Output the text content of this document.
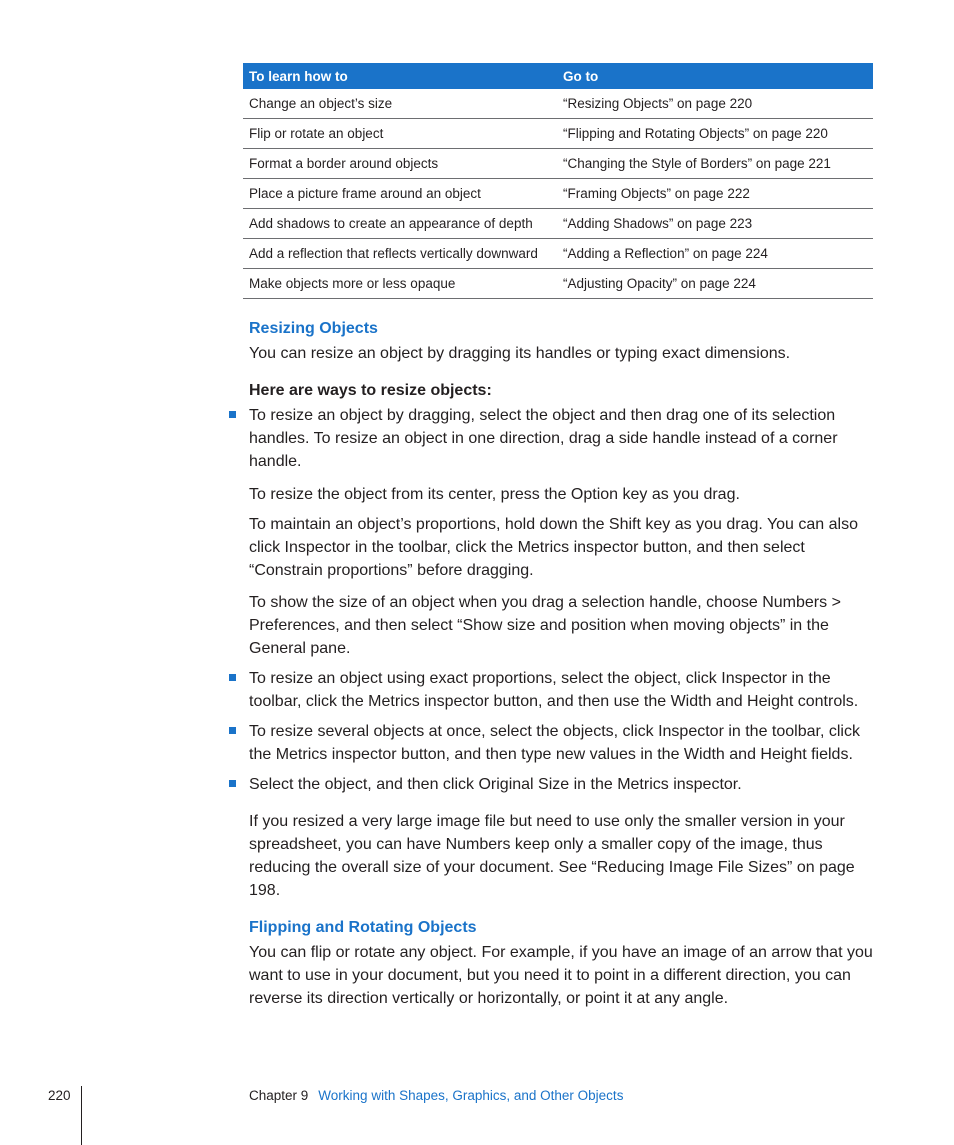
To learn how to	Go to
Change an object’s size	“Resizing Objects” on page 220
Flip or rotate an object	“Flipping and Rotating Objects” on page 220
Format a border around objects	“Changing the Style of Borders” on page 221
Place a picture frame around an object	“Framing Objects” on page 222
Add shadows to create an appearance of depth	“Adding Shadows” on page 223
Add a reflection that reflects vertically downward	“Adding a Reflection” on page 224
Make objects more or less opaque	“Adjusting Opacity” on page 224
Resizing Objects

You can resize an object by dragging its handles or typing exact dimensions.

Here are ways to resize objects:

To resize an object by dragging, select the object and then drag one of its selection handles. To resize an object in one direction, drag a side handle instead of a corner handle.

To resize the object from its center, press the Option key as you drag.

To maintain an object’s proportions, hold down the Shift key as you drag. You can also click Inspector in the toolbar, click the Metrics inspector button, and then select “Constrain proportions” before dragging.

To show the size of an object when you drag a selection handle, choose Numbers > Preferences, and then select “Show size and position when moving objects” in the General pane.

To resize an object using exact proportions, select the object, click Inspector in the toolbar, click the Metrics inspector button, and then use the Width and Height controls.

To resize several objects at once, select the objects, click Inspector in the toolbar, click the Metrics inspector button, and then type new values in the Width and Height fields.

Select the object, and then click Original Size in the Metrics inspector.

If you resized a very large image file but need to use only the smaller version in your spreadsheet, you can have Numbers keep only a smaller copy of the image, thus reducing the overall size of your document. See “Reducing Image File Sizes” on page 198.

Flipping and Rotating Objects

You can flip or rotate any object. For example, if you have an image of an arrow that you want to use in your document, but you need it to point in a different direction, you can reverse its direction vertically or horizontally, or point it at any angle.

220	Chapter 9 Working with Shapes, Graphics, and Other Objects
